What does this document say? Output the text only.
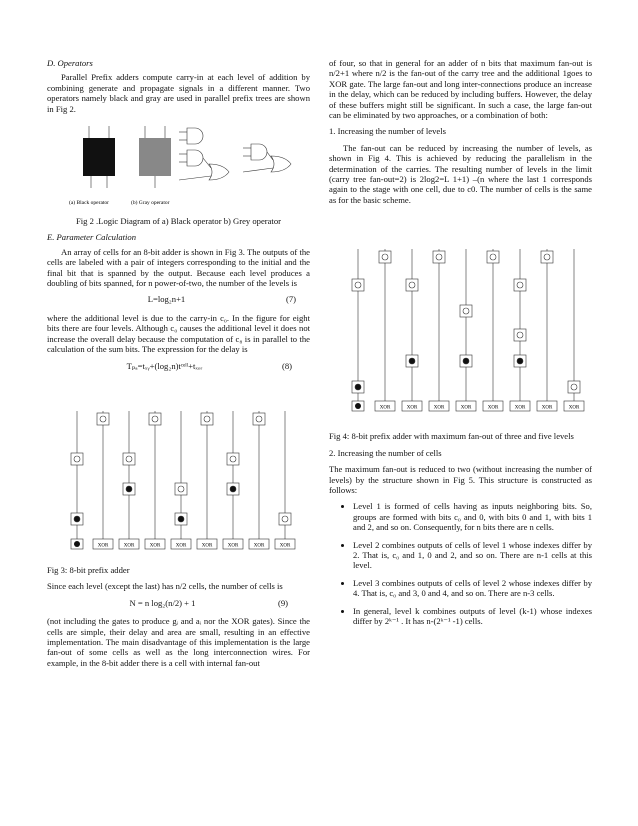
D. Operators

Parallel Prefix adders compute carry-in at each level of addition by combining generate and propagate signals in a different manner. Two operators namely black and gray are used in parallel prefix trees are shown in Fig 2.

(a) Black operator	(b) Gray operator

Fig 2 .Logic Diagram of a) Black operator b) Grey operator

E. Parameter Calculation

An array of cells for an 8-bit adder is shown in Fig 3. The outputs of the cells are labeled with a pair of integers corresponding to the initial and the final bit that is spanned by the output. Because each level produces a doubling of bits spanned, for n power-of-two, the number of the levels is

L=log₂n+1	(7)

where the additional level is due to the carry-in c₀. In the figure for eight bits there are four levels. Although c₀ causes the additional level it does not increase the overall delay because the computation of c₈ is in parallel to the calculation of the sum bits. The expression for the delay is

Tₚₐ=tₓᵧ+(log₂n)tᶜᵉˡˡ+tₓₒᵣ	(8)
XOR	XOR	XOR	XOR	XOR	XOR	XOR	XOR

Fig 3: 8-bit prefix adder

Since each level (except the last) has n/2 cells, the number of cells is

N = n log₂(n/2) + 1	(9)

(not including the gates to produce gᵢ and aᵢ nor the XOR gates). Since the cells are simple, their delay and area are small, resulting in an effective implementation. The main disadvantage of this implementation is the large fan-out of some cells as well as the long interconnection wires. For example, in the 8-bit adder there is a cell with internal fan-out

of four, so that in general for an adder of n bits that maximum fan-out is n/2+1 where n/2 is the fan-out of the carry tree and the additional 1goes to XOR gate. The large fan-out and long inter-connections produce an increase in the delay, which can be reduced by including buffers. However, the delay of these buffers might still be significant. In such a case, the large fan-out can be eliminated by two approaches, or a combination of both:

1. Increasing the number of levels

The fan-out can be reduced by increasing the number of levels, as shown in Fig 4. This is achieved by reducing the parallelism in the determination of the carries. The resulting number of levels in the limit (carry tree fan-out=2) is 2log2=L 1+1) –(n where the last 1 corresponds again to the stage with one cell, due to c0. The number of cells is the same as for the basic scheme.

XOR	XOR	XOR	XOR	XOR	XOR	XOR	XOR

Fig 4: 8-bit prefix adder with maximum fan-out of three and five levels

2. Increasing the number of cells

The maximum fan-out is reduced to two (without increasing the number of levels) by the structure shown in Fig 5. This structure is constructed as follows:

• Level 1 is formed of cells having as inputs neighboring bits. So, groups are formed with bits c₀ and 0, with bits 0 and 1, with bits 1 and 2, and so on. Consequently, for n bits there are n cells.
• Level 2 combines outputs of cells of level 1 whose indexes differ by 2. That is, c₀ and 1, 0 and 2, and so on. There are n-1 cells at this level.
• Level 3 combines outputs of cells of level 2 whose indexes differ by 4. That is, c₀ and 3, 0 and 4, and so on. There are n-3 cells.
• In general, level k combines outputs of level (k-1) whose indexes differ by 2ᵏ⁻¹ . It has n-(2ᵏ⁻¹ -1) cells.
